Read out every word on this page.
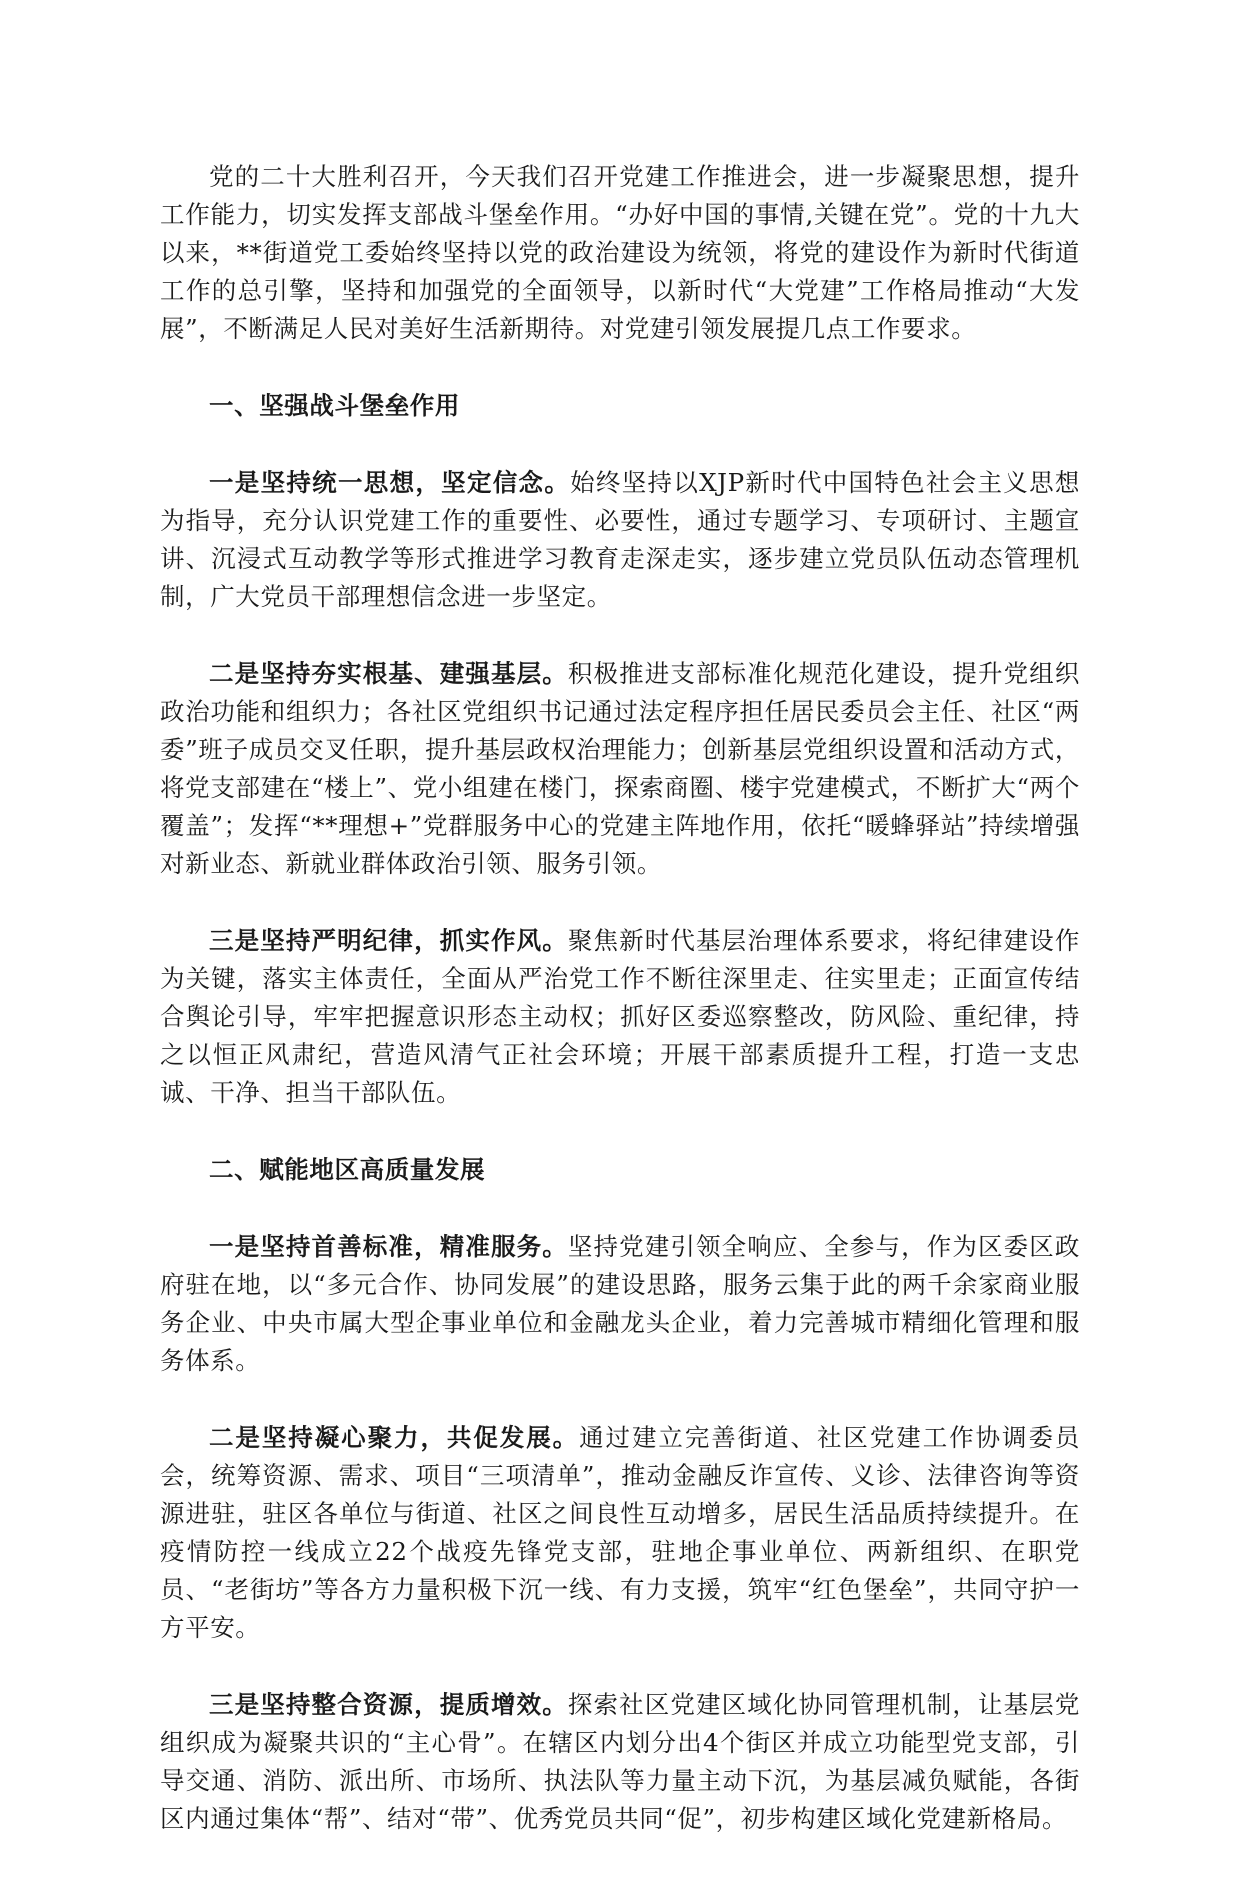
党的二十大胜利召开，今天我们召开党建工作推进会，进一步凝聚思想，提升工作能力，切实发挥支部战斗堡垒作用。“办好中国的事情,关键在党”。党的十九大以来，**街道党工委始终坚持以党的政治建设为统领，将党的建设作为新时代街道工作的总引擎，坚持和加强党的全面领导，以新时代“大党建”工作格局推动“大发展”，不断满足人民对美好生活新期待。对党建引领发展提几点工作要求。

一、坚强战斗堡垒作用

一是坚持统一思想，坚定信念。始终坚持以XJP新时代中国特色社会主义思想为指导，充分认识党建工作的重要性、必要性，通过专题学习、专项研讨、主题宣讲、沉浸式互动教学等形式推进学习教育走深走实，逐步建立党员队伍动态管理机制，广大党员干部理想信念进一步坚定。

二是坚持夯实根基、建强基层。积极推进支部标准化规范化建设，提升党组织政治功能和组织力；各社区党组织书记通过法定程序担任居民委员会主任、社区“两委”班子成员交叉任职，提升基层政权治理能力；创新基层党组织设置和活动方式，将党支部建在“楼上”、党小组建在楼门，探索商圈、楼宇党建模式，不断扩大“两个覆盖”；发挥“**理想+”党群服务中心的党建主阵地作用，依托“暖蜂驿站”持续增强对新业态、新就业群体政治引领、服务引领。

三是坚持严明纪律，抓实作风。聚焦新时代基层治理体系要求，将纪律建设作为关键，落实主体责任，全面从严治党工作不断往深里走、往实里走；正面宣传结合舆论引导，牢牢把握意识形态主动权；抓好区委巡察整改，防风险、重纪律，持之以恒正风肃纪，营造风清气正社会环境；开展干部素质提升工程，打造一支忠诚、干净、担当干部队伍。

二、赋能地区高质量发展

一是坚持首善标准，精准服务。坚持党建引领全响应、全参与，作为区委区政府驻在地，以“多元合作、协同发展”的建设思路，服务云集于此的两千余家商业服务企业、中央市属大型企事业单位和金融龙头企业，着力完善城市精细化管理和服务体系。

二是坚持凝心聚力，共促发展。通过建立完善街道、社区党建工作协调委员会，统筹资源、需求、项目“三项清单”，推动金融反诈宣传、义诊、法律咨询等资源进驻，驻区各单位与街道、社区之间良性互动增多，居民生活品质持续提升。在疫情防控一线成立22个战疫先锋党支部，驻地企事业单位、两新组织、在职党员、“老街坊”等各方力量积极下沉一线、有力支援，筑牢“红色堡垒”，共同守护一方平安。

三是坚持整合资源，提质增效。探索社区党建区域化协同管理机制，让基层党组织成为凝聚共识的“主心骨”。在辖区内划分出4个街区并成立功能型党支部，引导交通、消防、派出所、市场所、执法队等力量主动下沉，为基层减负赋能，各街区内通过集体“帮”、结对“带”、优秀党员共同“促”，初步构建区域化党建新格局。
